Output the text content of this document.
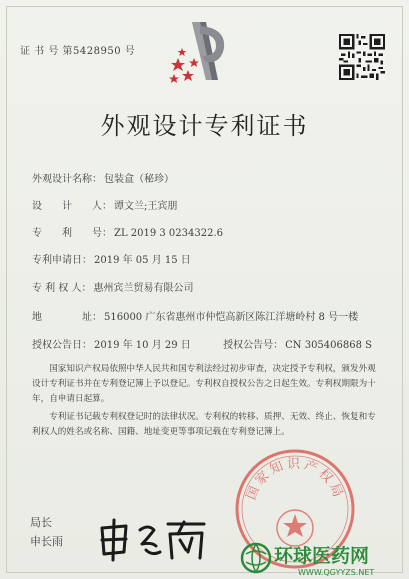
证 书 号 第5428950 号
外观设计专利证书
外观设计名称： 包装盒（秘珍）
设　　计　　人： 谭文兰;王宾朋
专　　利　　号： ZL 2019 3 0234322.6
专利申请日： 2019 年 05 月 15 日
专 利 权 人： 惠州宾兰贸易有限公司
地　　　　址： 516000 广东省惠州市仲恺高新区陈江洋塘岭村 8 号一楼
授权公告日： 2019 年 10 月 29 日	授权公告号： CN 305406868 S

国家知识产权局依照中华人民共和国专利法经过初步审查，决定授予专利权，颁发外观设计专利证书并在专利登记簿上予以登记。专利权自授权公告之日起生效。专利权期限为十年，自申请日起算。

专利证书记载专利权登记时的法律状况。专利权的转移、质押、无效、终止、恢复和专利权人的姓名或名称、国籍、地址变更等事项记载在专利登记簿上。

国家知识产权局
局长
申长雨
环球医药网
WWW.QGYYZS.NET
